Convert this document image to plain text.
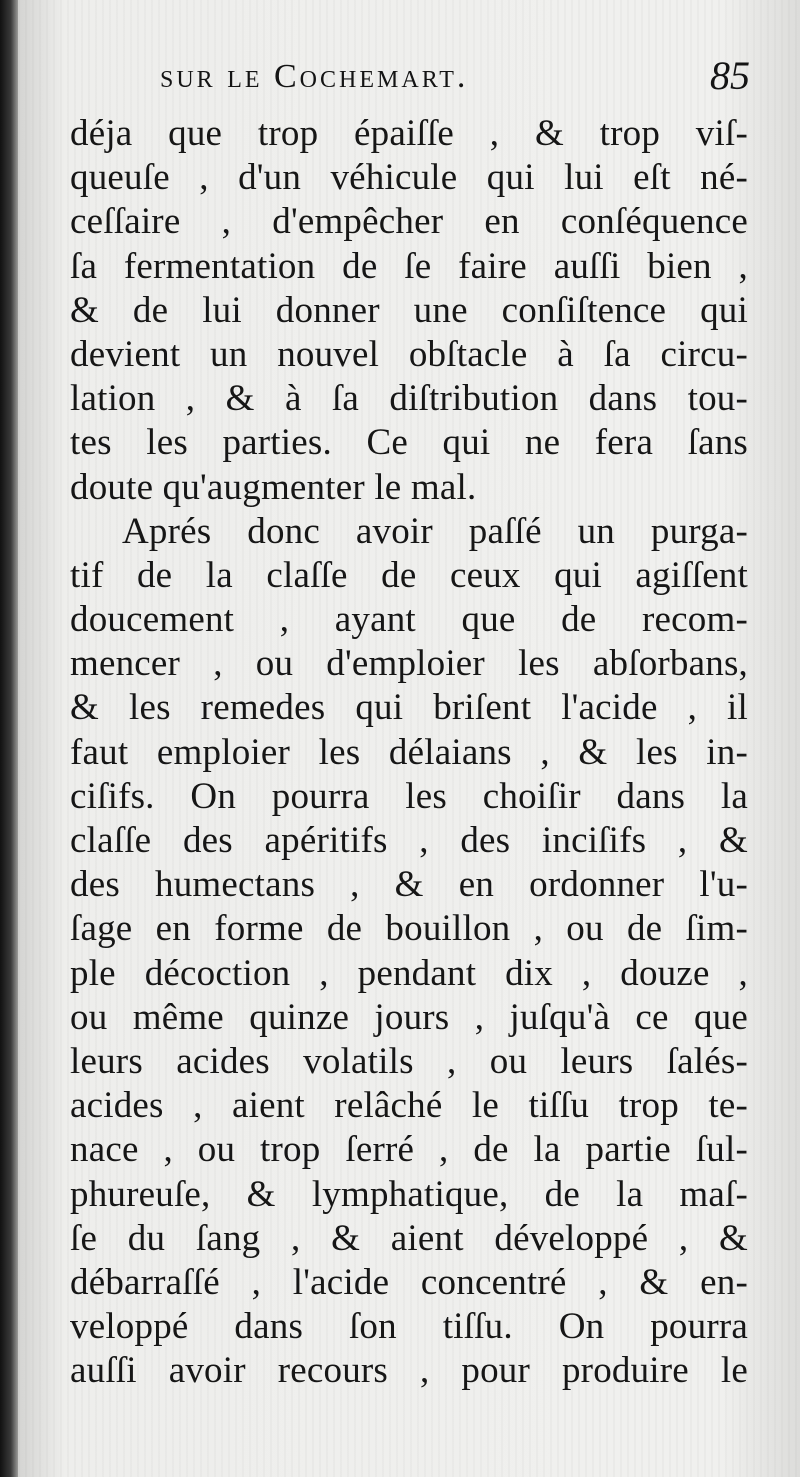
sur le Cochemart.	85
déja que trop épaiſſe , & trop viſ-
queuſe , d'un véhicule qui lui eſt né-
ceſſaire , d'empêcher en conſéquence
ſa fermentation de ſe faire auſſi bien ,
& de lui donner une conſiſtence qui
devient un nouvel obſtacle à ſa circu-
lation , & à ſa diſtribution dans tou-
tes les parties. Ce qui ne fera ſans
doute qu'augmenter le mal.
Aprés donc avoir paſſé un purga-
tif de la claſſe de ceux qui agiſſent
doucement , ayant que de recom-
mencer , ou d'emploier les abſorbans,
& les remedes qui briſent l'acide , il
faut emploier les délaians , & les in-
ciſifs. On pourra les choiſir dans la
claſſe des apéritifs , des inciſifs , &
des humectans , & en ordonner l'u-
ſage en forme de bouillon , ou de ſim-
ple décoction , pendant dix , douze ,
ou même quinze jours , juſqu'à ce que
leurs acides volatils , ou leurs ſalés-
acides , aient relâché le tiſſu trop te-
nace , ou trop ſerré , de la partie ſul-
phureuſe, & lymphatique, de la maſ-
ſe du ſang , & aient développé , &
débarraſſé , l'acide concentré , & en-
veloppé dans ſon tiſſu. On pourra
auſſi avoir recours , pour produire le
